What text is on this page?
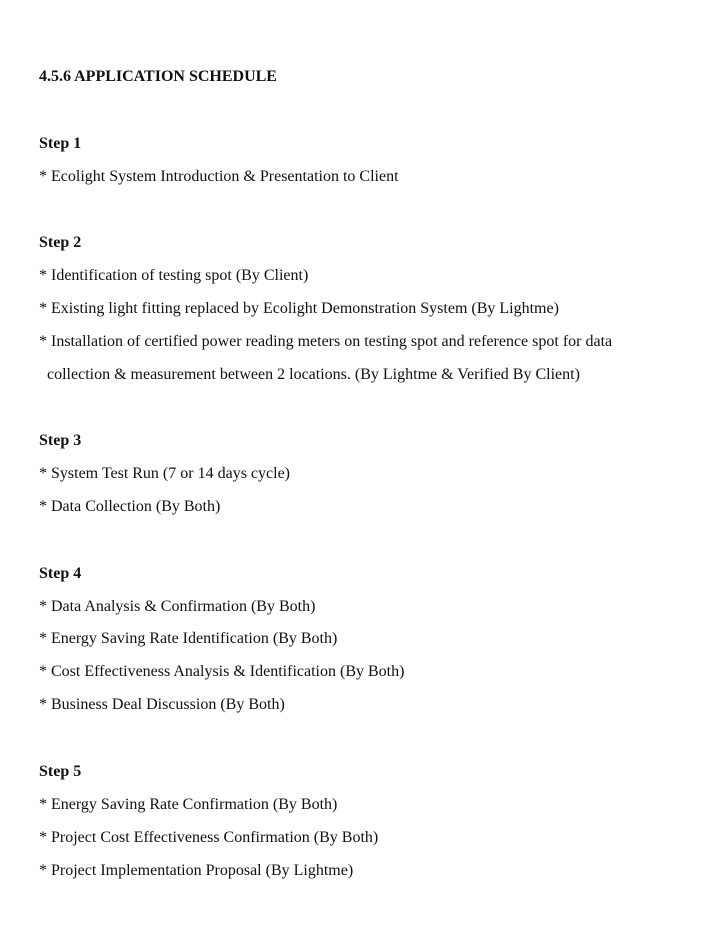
4.5.6 APPLICATION SCHEDULE
Step 1
* Ecolight System Introduction & Presentation to Client
Step 2
* Identification of testing spot (By Client)
* Existing light fitting replaced by Ecolight Demonstration System (By Lightme)
* Installation of certified power reading meters on testing spot and reference spot for data
collection & measurement between 2 locations. (By Lightme & Verified By Client)
Step 3
* System Test Run (7 or 14 days cycle)
* Data Collection (By Both)
Step 4
* Data Analysis & Confirmation (By Both)
* Energy Saving Rate Identification (By Both)
* Cost Effectiveness Analysis & Identification (By Both)
* Business Deal Discussion (By Both)
Step 5
* Energy Saving Rate Confirmation (By Both)
* Project Cost Effectiveness Confirmation (By Both)
* Project Implementation Proposal (By Lightme)
